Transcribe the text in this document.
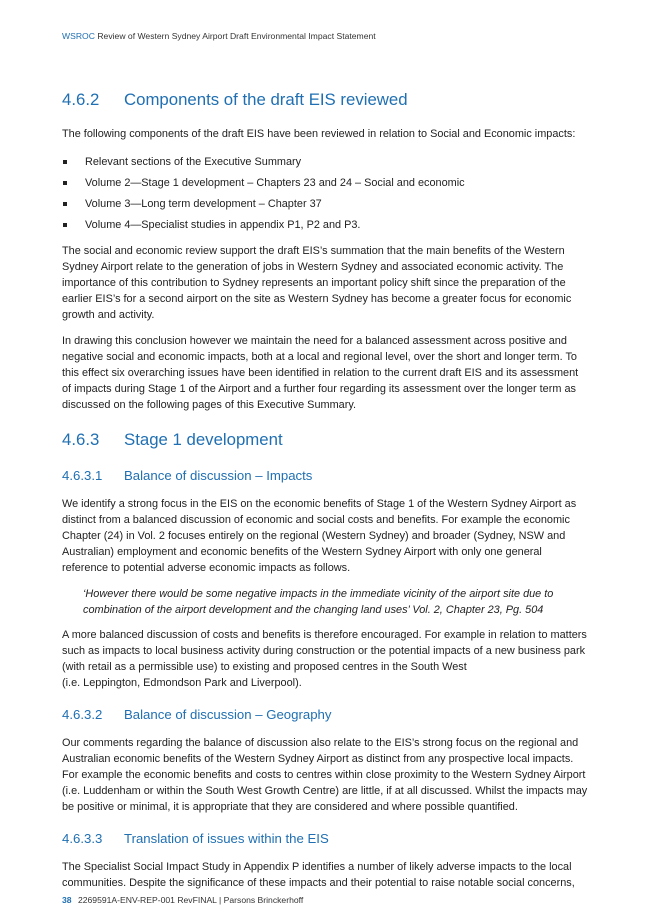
WSROC Review of Western Sydney Airport Draft Environmental Impact Statement
4.6.2	Components of the draft EIS reviewed

The following components of the draft EIS have been reviewed in relation to Social and Economic impacts:

Relevant sections of the Executive Summary
Volume 2—Stage 1 development – Chapters 23 and 24 – Social and economic
Volume 3—Long term development – Chapter 37
Volume 4—Specialist studies in appendix P1, P2 and P3.

The social and economic review support the draft EIS’s summation that the main benefits of the Western Sydney Airport relate to the generation of jobs in Western Sydney and associated economic activity. The importance of this contribution to Sydney represents an important policy shift since the preparation of the earlier EIS’s for a second airport on the site as Western Sydney has become a greater focus for economic growth and activity.

In drawing this conclusion however we maintain the need for a balanced assessment across positive and negative social and economic impacts, both at a local and regional level, over the short and longer term. To this effect six overarching issues have been identified in relation to the current draft EIS and its assessment of impacts during Stage 1 of the Airport and a further four regarding its assessment over the longer term as discussed on the following pages of this Executive Summary.

4.6.3	Stage 1 development
4.6.3.1	Balance of discussion – Impacts

We identify a strong focus in the EIS on the economic benefits of Stage 1 of the Western Sydney Airport as distinct from a balanced discussion of economic and social costs and benefits. For example the economic Chapter (24) in Vol. 2 focuses entirely on the regional (Western Sydney) and broader (Sydney, NSW and Australian) employment and economic benefits of the Western Sydney Airport with only one general reference to potential adverse economic impacts as follows.

‘However there would be some negative impacts in the immediate vicinity of the airport site due to combination of the airport development and the changing land uses’ Vol. 2, Chapter 23, Pg. 504

A more balanced discussion of costs and benefits is therefore encouraged. For example in relation to matters such as impacts to local business activity during construction or the potential impacts of a new business park (with retail as a permissible use) to existing and proposed centres in the South West

(i.e. Leppington, Edmondson Park and Liverpool).

4.6.3.2	Balance of discussion – Geography

Our comments regarding the balance of discussion also relate to the EIS’s strong focus on the regional and Australian economic benefits of the Western Sydney Airport as distinct from any prospective local impacts. For example the economic benefits and costs to centres within close proximity to the Western Sydney Airport (i.e. Luddenham or within the South West Growth Centre) are little, if at all discussed. Whilst the impacts may be positive or minimal, it is appropriate that they are considered and where possible quantified.

4.6.3.3	Translation of issues within the EIS

The Specialist Social Impact Study in Appendix P identifies a number of likely adverse impacts to the local communities. Despite the significance of these impacts and their potential to raise notable social concerns,

38 2269591A-ENV-REP-001 RevFINAL | Parsons Brinckerhoff
